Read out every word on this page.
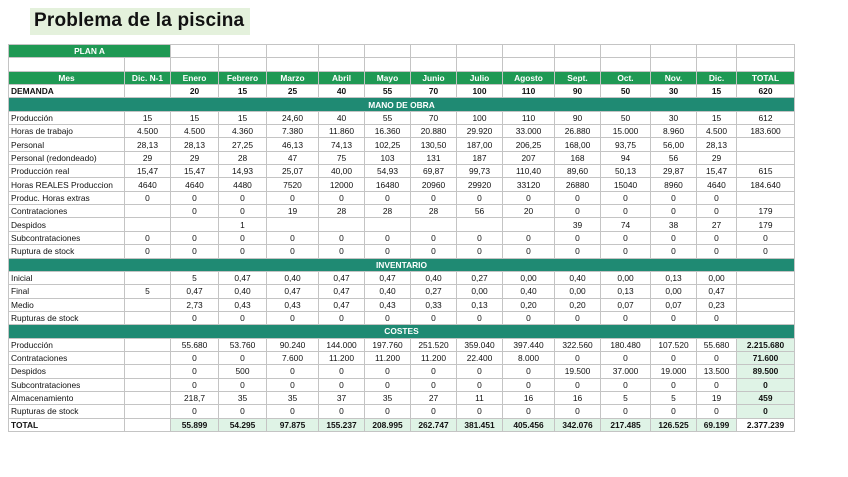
Problema de la piscina
PLAN A														

Mes	Dic. N-1	Enero	Febrero	Marzo	Abril	Mayo	Junio	Julio	Agosto	Sept.	Oct.	Nov.	Dic.	TOTAL
DEMANDA		20	15	25	40	55	70	100	110	90	50	30	15	620
MANO DE OBRA														
Producción	15	15	15	24,60	40	55	70	100	110	90	50	30	15	612
Horas de trabajo	4.500	4.500	4.360	7.380	11.860	16.360	20.880	29.920	33.000	26.880	15.000	8.960	4.500	183.600
Personal	28,13	28,13	27,25	46,13	74,13	102,25	130,50	187,00	206,25	168,00	93,75	56,00	28,13	
Personal (redondeado)	29	29	28	47	75	103	131	187	207	168	94	56	29	
Producción real	15,47	15,47	14,93	25,07	40,00	54,93	69,87	99,73	110,40	89,60	50,13	29,87	15,47	615
Horas REALES Produccion	4640	4640	4480	7520	12000	16480	20960	29920	33120	26880	15040	8960	4640	184.640
Produc. Horas extras	0	0	0	0	0	0	0	0	0	0	0	0	0	
Contrataciones		0	0	19	28	28	28	56	20	0	0	0	0	179
Despidos			1							39	74	38	27	179
Subcontrataciones	0	0	0	0	0	0	0	0	0	0	0	0	0	0
Ruptura de stock	0	0	0	0	0	0	0	0	0	0	0	0	0	0
INVENTARIO														
Inicial		5	0,47	0,40	0,47	0,47	0,40	0,27	0,00	0,40	0,00	0,13	0,00	
Final	5	0,47	0,40	0,47	0,47	0,40	0,27	0,00	0,40	0,00	0,13	0,00	0,47	
Medio		2,73	0,43	0,43	0,47	0,43	0,33	0,13	0,20	0,20	0,07	0,07	0,23	
Rupturas de stock		0	0	0	0	0	0	0	0	0	0	0	0	
COSTES														
Producción		55.680	53.760	90.240	144.000	197.760	251.520	359.040	397.440	322.560	180.480	107.520	55.680	2.215.680
Contrataciones		0	0	7.600	11.200	11.200	11.200	22.400	8.000	0	0	0	0	71.600
Despidos		0	500	0	0	0	0	0	0	19.500	37.000	19.000	13.500	89.500
Subcontrataciones		0	0	0	0	0	0	0	0	0	0	0	0	0
Almacenamiento		218,7	35	35	37	35	27	11	16	16	5	5	19	459
Rupturas de stock		0	0	0	0	0	0	0	0	0	0	0	0	0
TOTAL		55.899	54.295	97.875	155.237	208.995	262.747	381.451	405.456	342.076	217.485	126.525	69.199	2.377.239
